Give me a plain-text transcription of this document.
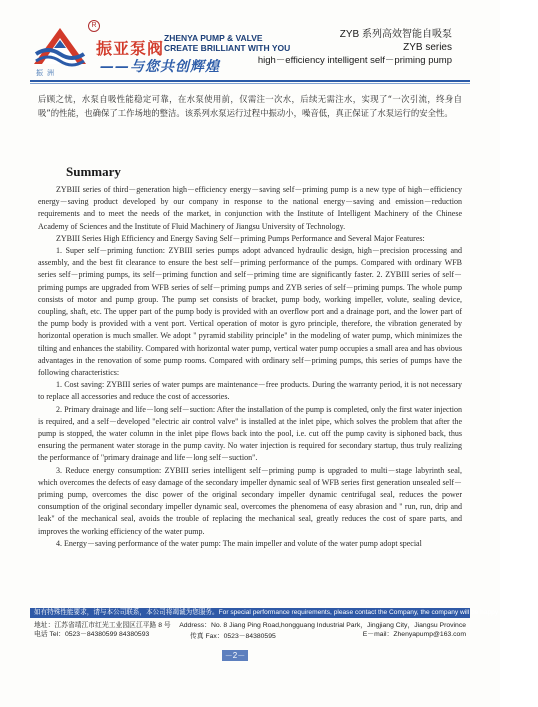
R
振 洲
振亚泵阀
ZHENYA PUMP & VALVE
CREATE BRILLIANT WITH YOU
——与您共创辉煌
ZYB 系列高效智能自吸泵
ZYB series
high－efficiency intelligent self－priming pump
后顾之忧，水泵自吸性能稳定可靠，在水泵使用前，仅需注一次水，后续无需注水，实现了“一次引流，终身自吸”的性能，也确保了工作场地的整洁。该系列水泵运行过程中振动小，噪音低，真正保证了水泵运行的安全性。
Summary

ZYBIII series of third－generation high－efficiency energy－saving self－priming pump is a new type of high－efficiency energy－saving product developed by our company in response to the national energy－saving and emission－reduction requirements and to meet the needs of the market, in conjunction with the Institute of Intelligent Machinery of the Chinese Academy of Sciences and the Institute of Fluid Machinery of Jiangsu University of Technology.

ZYBIII Series High Efficiency and Energy Saving Self－priming Pumps Performance and Several Major Features:

1. Super self－priming function: ZYBIII series pumps adopt advanced hydraulic design, high－precision processing and assembly, and the best fit clearance to ensure the best self－priming performance of the pumps. Compared with ordinary WFB series self－priming pumps, its self－priming function and self－priming time are significantly faster. 2. ZYBIII series of self－priming pumps are upgraded from WFB series of self－priming pumps and ZYB series of self－priming pumps. The whole pump consists of motor and pump group. The pump set consists of bracket, pump body, working impeller, volute, sealing device, coupling, shaft, etc. The upper part of the pump body is provided with an overflow port and a drainage port, and the lower part of the pump body is provided with a vent port. Vertical operation of motor is gyro principle, therefore, the vibration generated by horizontal operation is much smaller. We adopt " pyramid stability principle" in the modeling of water pump, which minimizes the tilting and enhances the stability. Compared with horizontal water pump, vertical water pump occupies a small area and has obvious advantages in the renovation of some pump rooms. Compared with ordinary self－priming pumps, this series of pumps have the following characteristics:

1. Cost saving: ZYBIII series of water pumps are maintenance－free products. During the warranty period, it is not necessary to replace all accessories and reduce the cost of accessories.

2. Primary drainage and life－long self－suction: After the installation of the pump is completed, only the first water injection is required, and a self－developed "electric air control valve" is installed at the inlet pipe, which solves the problem that after the pump is stopped, the water column in the inlet pipe flows back into the pool, i.e. cut off the pump cavity is siphoned back, thus ensuring the permanent water storage in the pump cavity. No water injection is required for secondary startup, thus truly realizing the performance of "primary drainage and life－long self－suction".

3. Reduce energy consumption: ZYBIII series intelligent self－priming pump is upgraded to multi－stage labyrinth seal, which overcomes the defects of easy damage of the secondary impeller dynamic seal of WFB series first generation unsealed self－priming pump, overcomes the disc power of the original secondary impeller dynamic centrifugal seal, reduces the power consumption of the original secondary impeller dynamic seal, overcomes the phenomena of easy abrasion and " run, run, drip and leak" of the mechanical seal, avoids the trouble of replacing the mechanical seal, greatly reduces the cost of spare parts, and improves the working efficiency of the water pump.

4. Energy－saving performance of the water pump: The main impeller and volute of the water pump adopt special

如有特殊性能要求，请与本公司联系，本公司将竭诚为您服务。For special performance requirements, please contact the Company, the company will be happy to serve you.
地址：江苏省靖江市红光工业园区江平路 8 号
电话 Tel：0523－84380599 84380593
Address：No. 8 Jiang Ping Road,hongguang Industrial Park，Jingjiang City，Jiangsu Province
E－mail：Zhenyapump@163.com
传真 Fax：0523－84380595
－2－
